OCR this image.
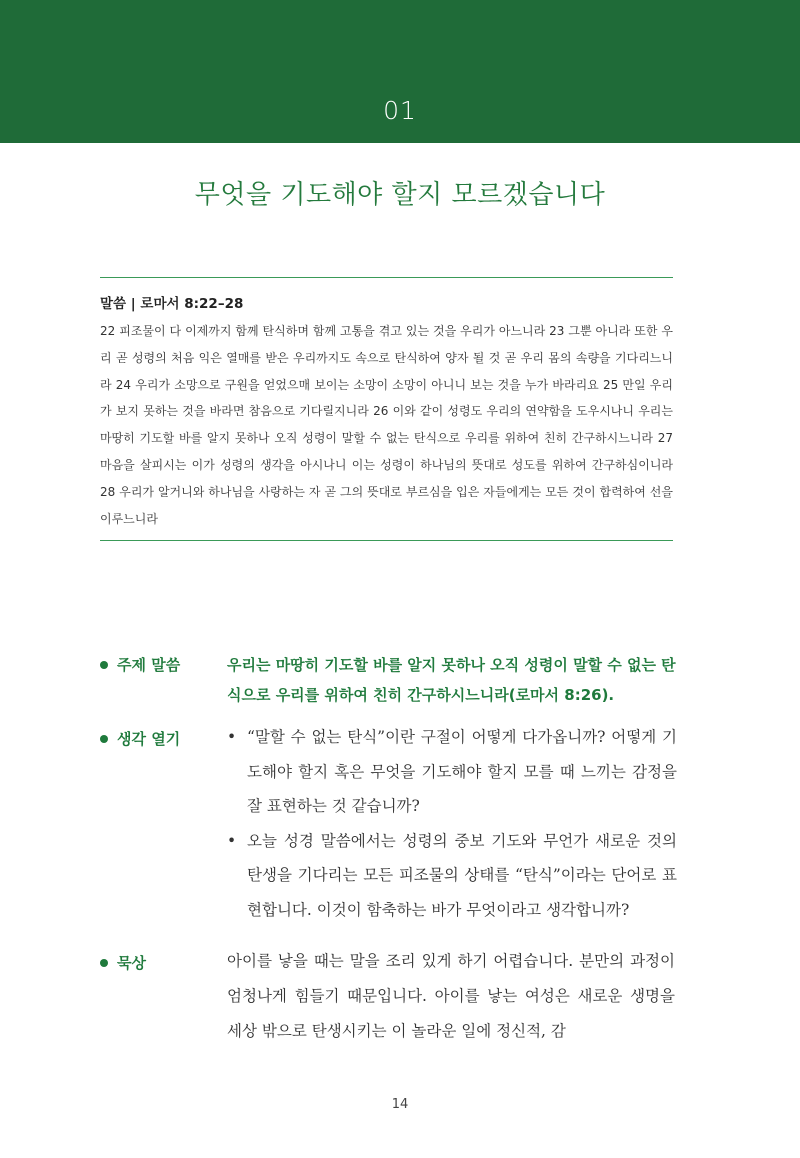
01
무엇을 기도해야 할지 모르겠습니다
말씀 | 로마서 8:22–28

22 피조물이 다 이제까지 함께 탄식하며 함께 고통을 겪고 있는 것을 우리가 아느니라 23 그뿐 아니라 또한 우리 곧 성령의 처음 익은 열매를 받은 우리까지도 속으로 탄식하여 양자 될 것 곧 우리 몸의 속량을 기다리느니라 24 우리가 소망으로 구원을 얻었으매 보이는 소망이 소망이 아니니 보는 것을 누가 바라리요 25 만일 우리가 보지 못하는 것을 바라면 참음으로 기다릴지니라 26 이와 같이 성령도 우리의 연약함을 도우시나니 우리는 마땅히 기도할 바를 알지 못하나 오직 성령이 말할 수 없는 탄식으로 우리를 위하여 친히 간구하시느니라 27 마음을 살피시는 이가 성령의 생각을 아시나니 이는 성령이 하나님의 뜻대로 성도를 위하여 간구하심이니라 28 우리가 알거니와 하나님을 사랑하는 자 곧 그의 뜻대로 부르심을 입은 자들에게는 모든 것이 합력하여 선을 이루느니라

주제 말씀	우리는 마땅히 기도할 바를 알지 못하나 오직 성령이 말할 수 없는 탄식으로 우리를 위하여 친히 간구하시느니라(로마서 8:26).

생각 열기	• “말할 수 없는 탄식”이란 구절이 어떻게 다가옵니까? 어떻게 기도해야 할지 혹은 무엇을 기도해야 할지 모를 때 느끼는 감정을 잘 표현하는 것 같습니까?
• 오늘 성경 말씀에서는 성령의 중보 기도와 무언가 새로운 것의 탄생을 기다리는 모든 피조물의 상태를 “탄식”이라는 단어로 표현합니다. 이것이 함축하는 바가 무엇이라고 생각합니까?
묵상	아이를 낳을 때는 말을 조리 있게 하기 어렵습니다. 분만의 과정이 엄청나게 힘들기 때문입니다. 아이를 낳는 여성은 새로운 생명을 세상 밖으로 탄생시키는 이 놀라운 일에 정신적, 감

14
